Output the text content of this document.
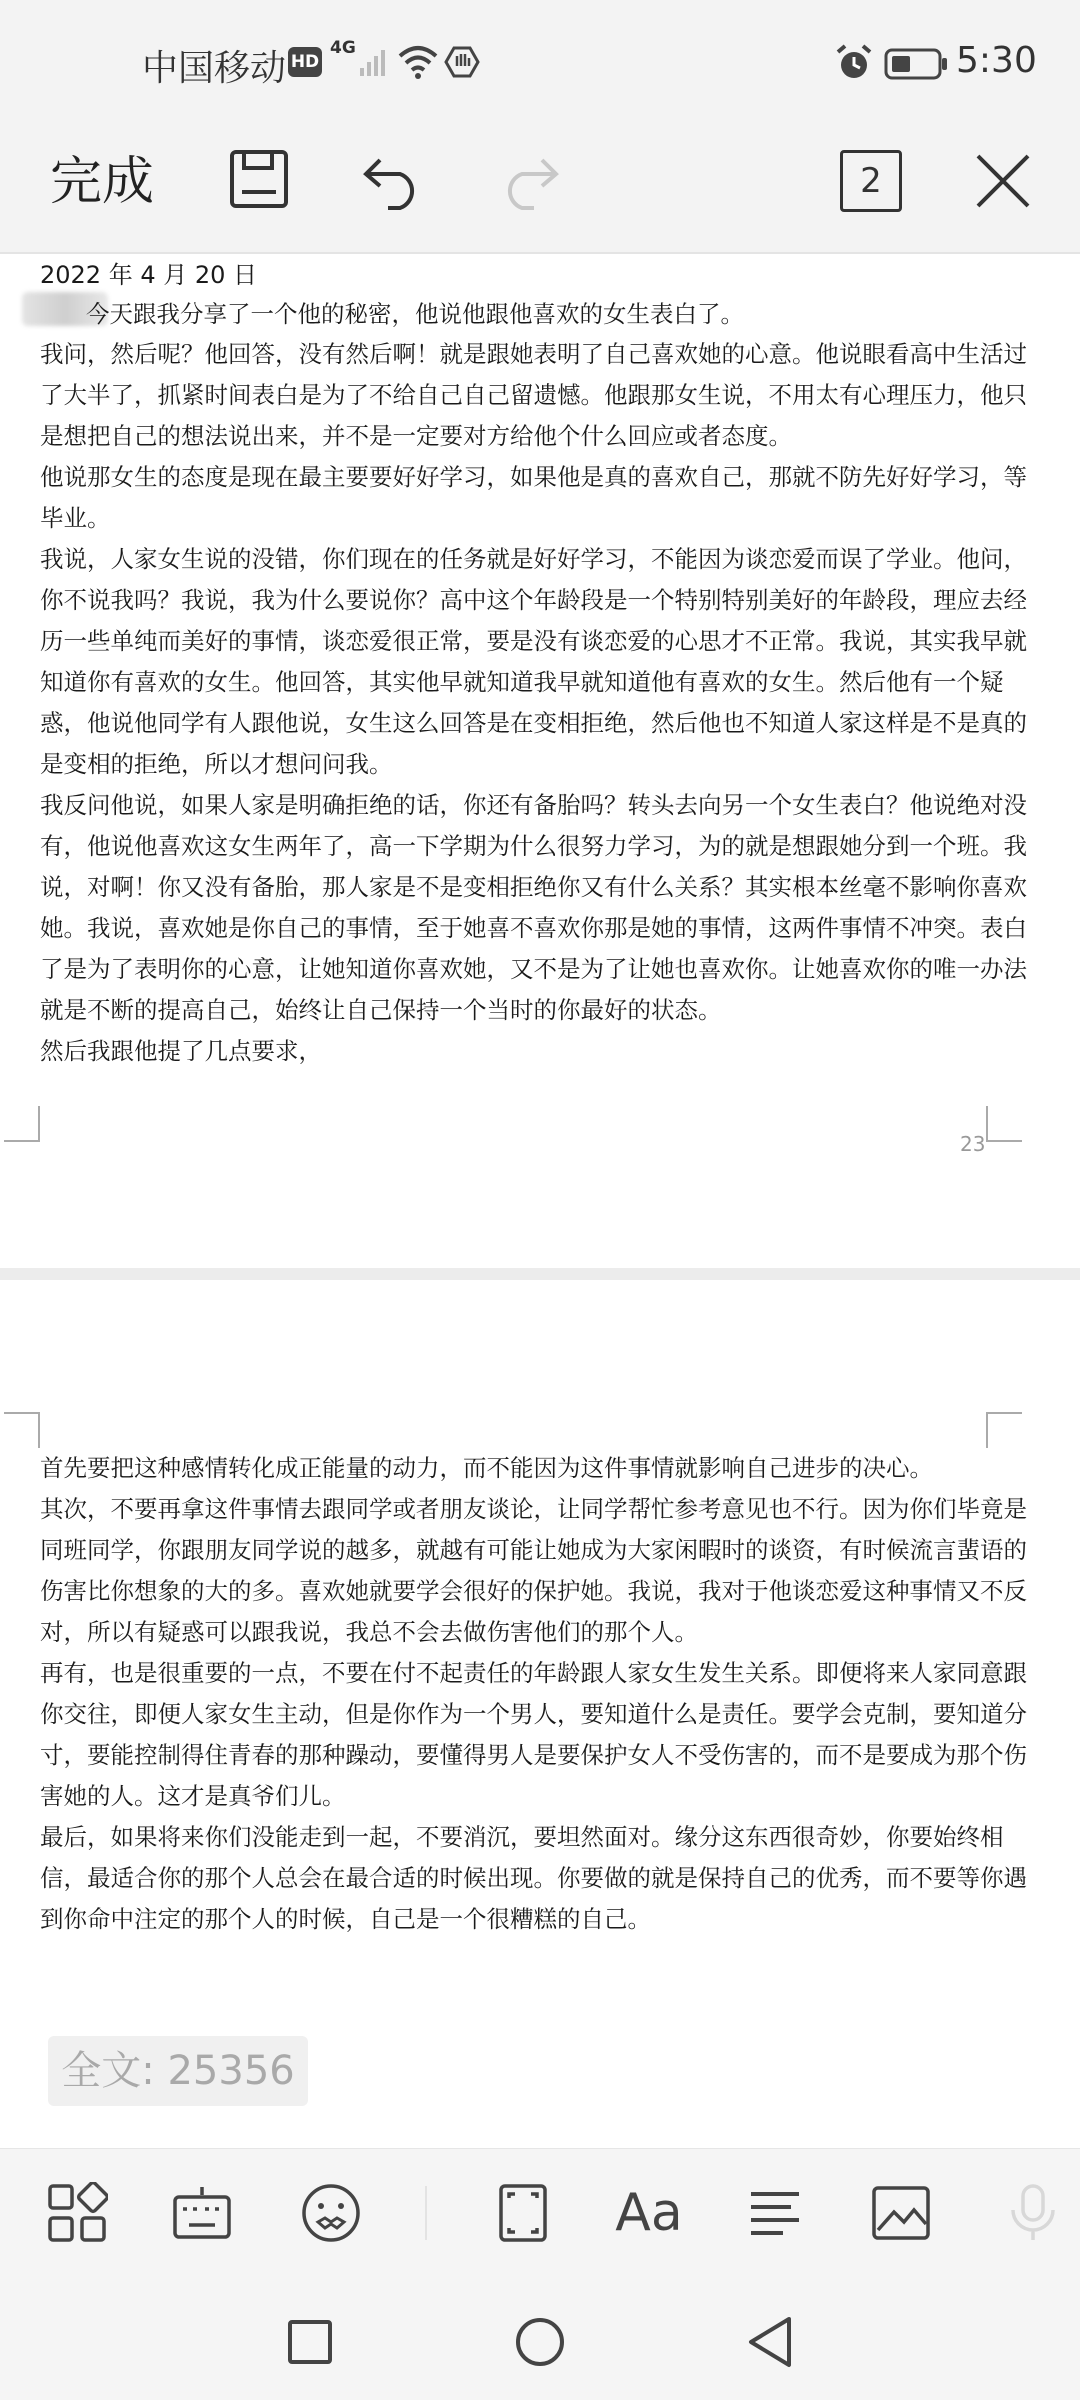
中国移动 HD
4G	5:30
完成	2
2022 年 4 月 20 日
今天跟我分享了一个他的秘密，他说他跟他喜欢的女生表白了。

我问，然后呢？他回答，没有然后啊！就是跟她表明了自己喜欢她的心意。他说眼看高中生活过了大半了，抓紧时间表白是为了不给自己自己留遗憾。他跟那女生说，不用太有心理压力，他只是想把自己的想法说出来，并不是一定要对方给他个什么回应或者态度。

他说那女生的态度是现在最主要要好好学习，如果他是真的喜欢自己，那就不防先好好学习，等毕业。

我说，人家女生说的没错，你们现在的任务就是好好学习，不能因为谈恋爱而误了学业。他问，你不说我吗？我说，我为什么要说你？高中这个年龄段是一个特别特别美好的年龄段，理应去经历一些单纯而美好的事情，谈恋爱很正常，要是没有谈恋爱的心思才不正常。我说，其实我早就知道你有喜欢的女生。他回答，其实他早就知道我早就知道他有喜欢的女生。然后他有一个疑惑，他说他同学有人跟他说，女生这么回答是在变相拒绝，然后他也不知道人家这样是不是真的是变相的拒绝，所以才想问问我。

我反问他说，如果人家是明确拒绝的话，你还有备胎吗？转头去向另一个女生表白？他说绝对没有，他说他喜欢这女生两年了，高一下学期为什么很努力学习，为的就是想跟她分到一个班。我说，对啊！你又没有备胎，那人家是不是变相拒绝你又有什么关系？其实根本丝毫不影响你喜欢她。我说，喜欢她是你自己的事情，至于她喜不喜欢你那是她的事情，这两件事情不冲突。表白了是为了表明你的心意，让她知道你喜欢她，又不是为了让她也喜欢你。让她喜欢你的唯一办法就是不断的提高自己，始终让自己保持一个当时的你最好的状态。

然后我跟他提了几点要求，

23

首先要把这种感情转化成正能量的动力，而不能因为这件事情就影响自己进步的决心。

其次，不要再拿这件事情去跟同学或者朋友谈论，让同学帮忙参考意见也不行。因为你们毕竟是同班同学，你跟朋友同学说的越多，就越有可能让她成为大家闲暇时的谈资，有时候流言蜚语的伤害比你想象的大的多。喜欢她就要学会很好的保护她。我说，我对于他谈恋爱这种事情又不反对，所以有疑惑可以跟我说，我总不会去做伤害他们的那个人。

再有，也是很重要的一点，不要在付不起责任的年龄跟人家女生发生关系。即便将来人家同意跟你交往，即便人家女生主动，但是你作为一个男人，要知道什么是责任。要学会克制，要知道分寸，要能控制得住青春的那种躁动，要懂得男人是要保护女人不受伤害的，而不是要成为那个伤害她的人。这才是真爷们儿。

最后，如果将来你们没能走到一起，不要消沉，要坦然面对。缘分这东西很奇妙，你要始终相信，最适合你的那个人总会在最合适的时候出现。你要做的就是保持自己的优秀，而不要等你遇到你命中注定的那个人的时候，自己是一个很糟糕的自己。

全文: 25356
Aa
